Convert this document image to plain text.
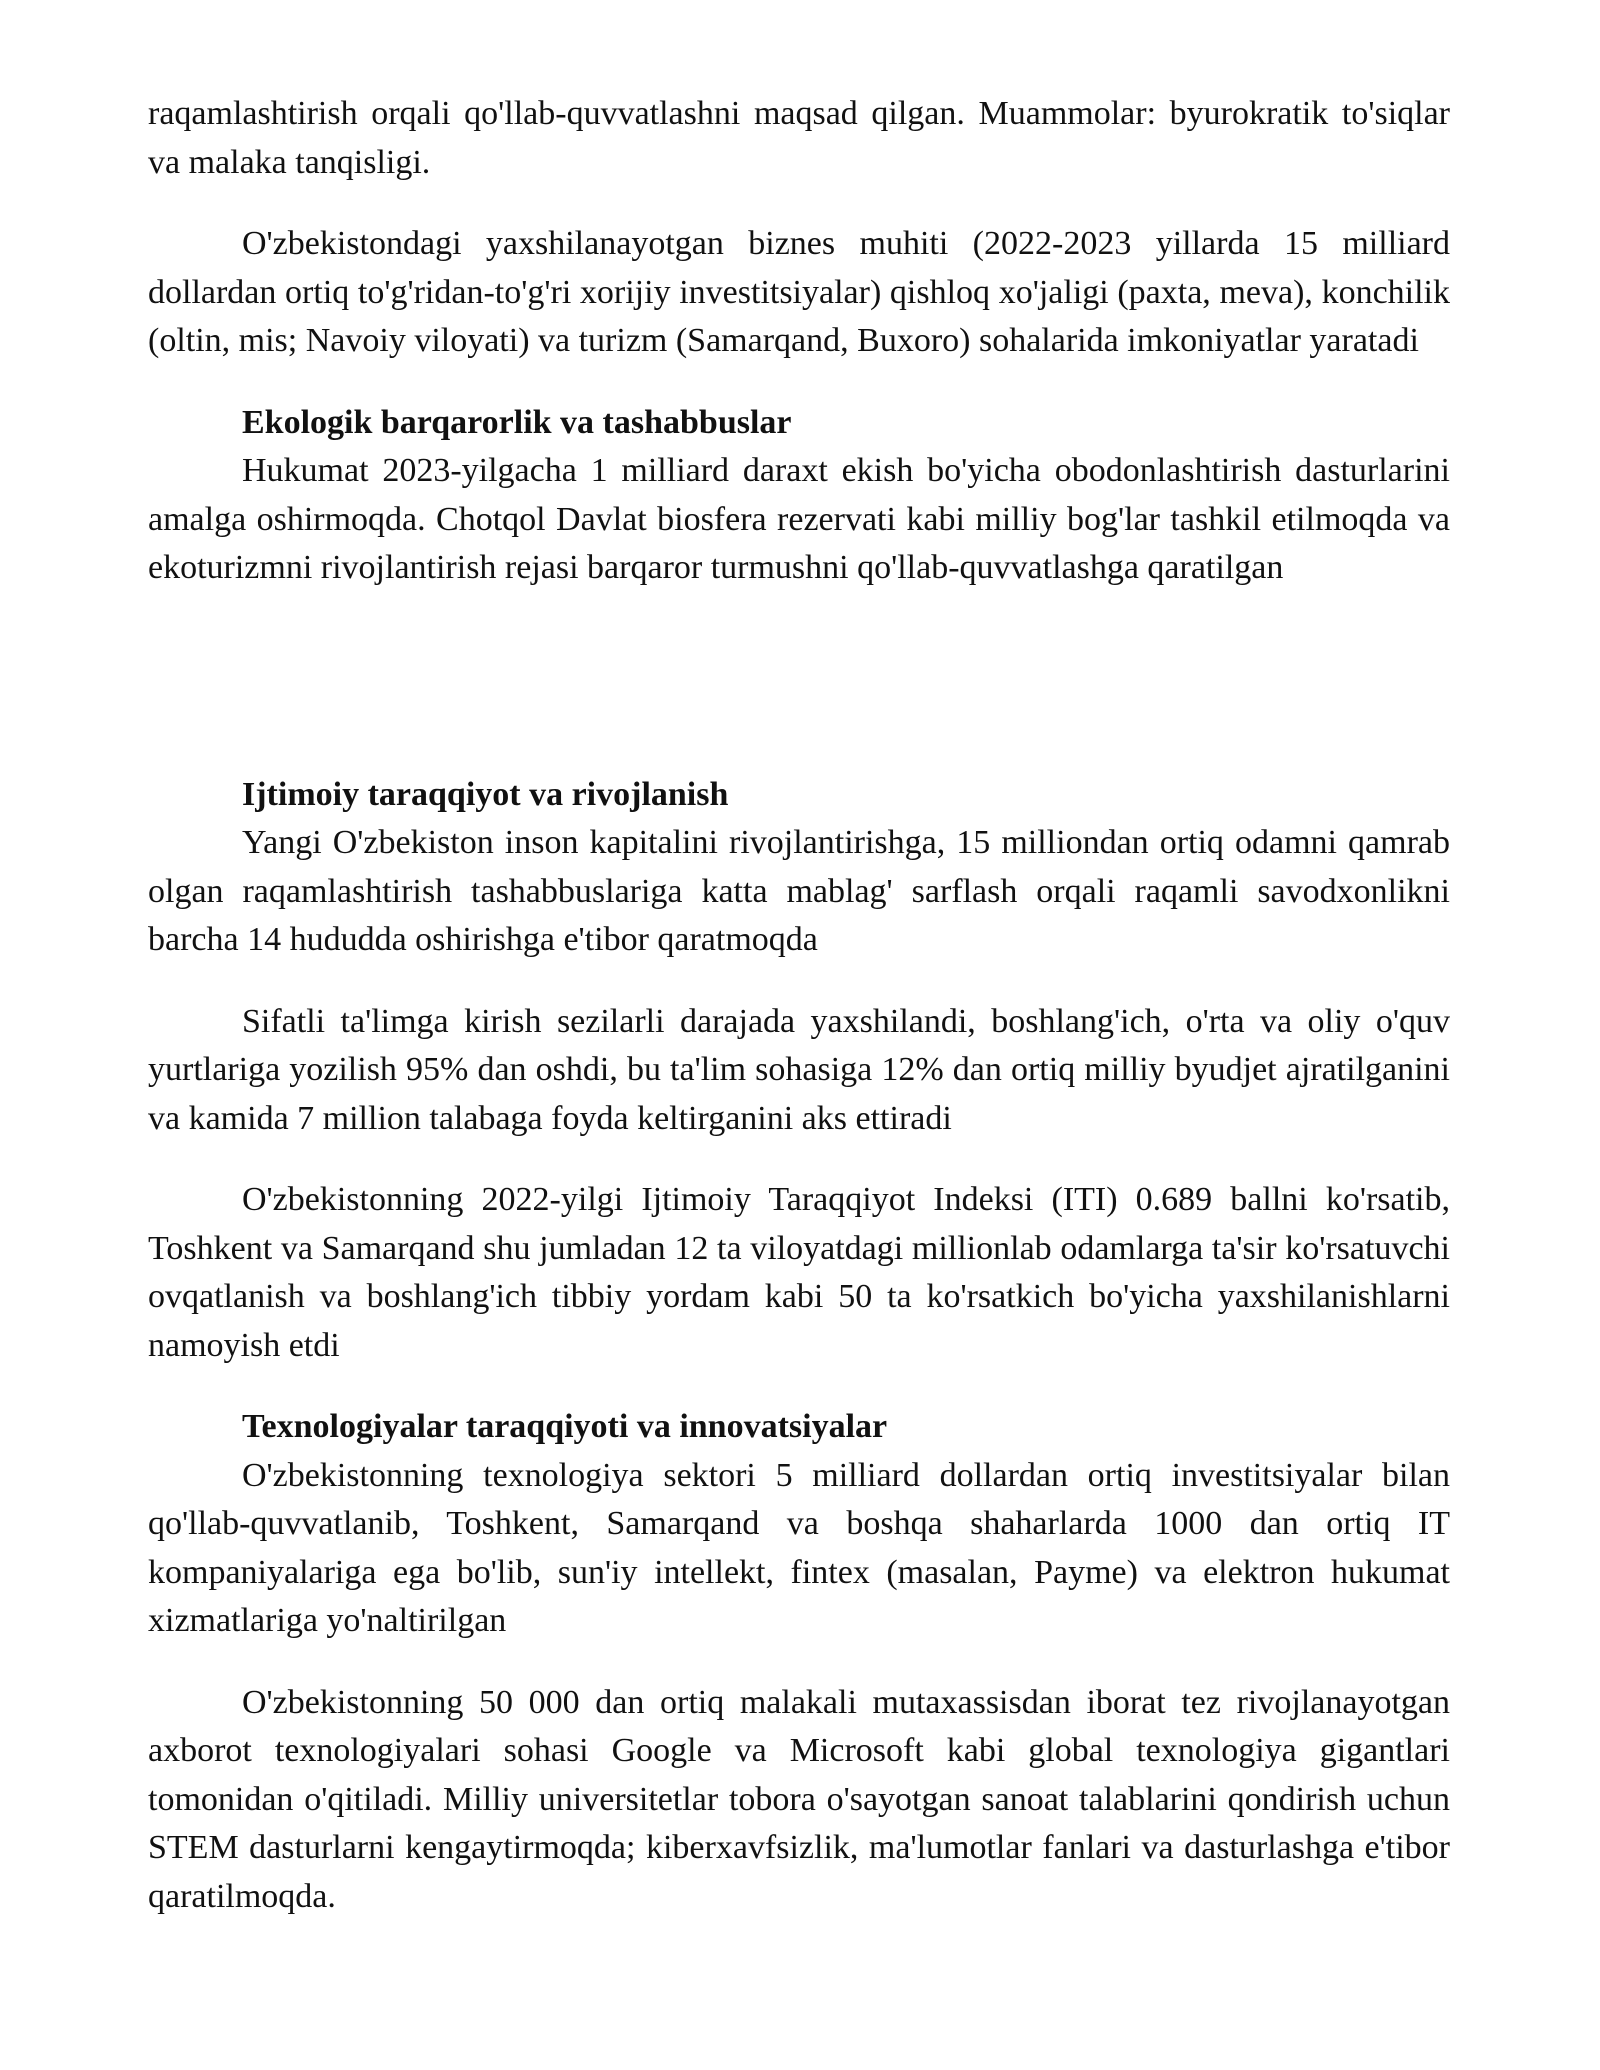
raqamlashtirish orqali qo'llab-quvvatlashni maqsad qilgan. Muammolar: byurokratik to'siqlar va malaka tanqisligi.

O'zbekistondagi yaxshilanayotgan biznes muhiti (2022-2023 yillarda 15 milliard dollardan ortiq to'g'ridan-to'g'ri xorijiy investitsiyalar) qishloq xo'jaligi (paxta, meva), konchilik (oltin, mis; Navoiy viloyati) va turizm (Samarqand, Buxoro) sohalarida imkoniyatlar yaratadi

Ekologik barqarorlik va tashabbuslar

Hukumat 2023-yilgacha 1 milliard daraxt ekish bo'yicha obodonlashtirish dasturlarini amalga oshirmoqda. Chotqol Davlat biosfera rezervati kabi milliy bog'lar tashkil etilmoqda va ekoturizmni rivojlantirish rejasi barqaror turmushni qo'llab-quvvatlashga qaratilgan

Ijtimoiy taraqqiyot va rivojlanish

Yangi O'zbekiston inson kapitalini rivojlantirishga, 15 milliondan ortiq odamni qamrab olgan raqamlashtirish tashabbuslariga katta mablag' sarflash orqali raqamli savodxonlikni barcha 14 hududda oshirishga e'tibor qaratmoqda

Sifatli ta'limga kirish sezilarli darajada yaxshilandi, boshlang'ich, o'rta va oliy o'quv yurtlariga yozilish 95% dan oshdi, bu ta'lim sohasiga 12% dan ortiq milliy byudjet ajratilganini va kamida 7 million talabaga foyda keltirganini aks ettiradi

O'zbekistonning 2022-yilgi Ijtimoiy Taraqqiyot Indeksi (ITI) 0.689 ballni ko'rsatib, Toshkent va Samarqand shu jumladan 12 ta viloyatdagi millionlab odamlarga ta'sir ko'rsatuvchi ovqatlanish va boshlang'ich tibbiy yordam kabi 50 ta ko'rsatkich bo'yicha yaxshilanishlarni namoyish etdi

Texnologiyalar taraqqiyoti va innovatsiyalar

O'zbekistonning texnologiya sektori 5 milliard dollardan ortiq investitsiyalar bilan qo'llab-quvvatlanib, Toshkent, Samarqand va boshqa shaharlarda 1000 dan ortiq IT kompaniyalariga ega bo'lib, sun'iy intellekt, fintex (masalan, Payme) va elektron hukumat xizmatlariga yo'naltirilgan

O'zbekistonning 50 000 dan ortiq malakali mutaxassisdan iborat tez rivojlanayotgan axborot texnologiyalari sohasi Google va Microsoft kabi global texnologiya gigantlari tomonidan o'qitiladi. Milliy universitetlar tobora o'sayotgan sanoat talablarini qondirish uchun STEM dasturlarni kengaytirmoqda; kiberxavfsizlik, ma'lumotlar fanlari va dasturlashga e'tibor qaratilmoqda.
